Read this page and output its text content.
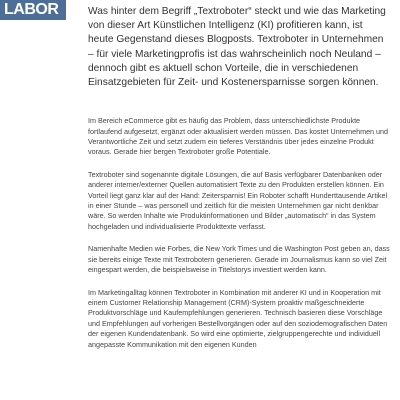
LABOR	Was hinter dem Begriff „Textroboter“ steckt und wie das Marketing von dieser Art Künstlichen Intelligenz (KI) profitieren kann, ist heute Gegenstand dieses Blogposts. Textroboter in Unternehmen – für viele Marketingprofis ist das wahrscheinlich noch Neuland – dennoch gibt es aktuell schon Vorteile, die in verschiedenen Einsatzgebieten für Zeit- und Kostenersparnisse sorgen können.

Im Bereich eCommerce gibt es häufig das Problem, dass unterschiedlichste Produkte fortlaufend aufgesetzt, ergänzt oder aktualisiert werden müssen. Das kostet Unternehmen und Verantwortliche Zeit und setzt zudem ein tieferes Verständnis über jedes einzelne Produkt voraus. Gerade hier bergen Textroboter große Potentiale.

Textroboter sind sogenannte digitale Lösungen, die auf Basis verfügbarer Datenbanken oder anderer interner/externer Quellen automatisiert Texte zu den Produkten erstellen können. Ein Vorteil liegt ganz klar auf der Hand: Zeitersparnis! Ein Roboter schafft Hunderttausende Artikel in einer Stunde – was personell und zeitlich für die meisten Unternehmen gar nicht denkbar wäre. So werden Inhalte wie Produktinformationen und Bilder „automatisch“ in das System hochgeladen und individualisierte Produkttexte verfasst.

Namenhafte Medien wie Forbes, die New York Times und die Washington Post geben an, dass sie bereits einige Texte mit Textrobotern generieren. Gerade im Journalismus kann so viel Zeit eingespart werden, die beispielsweise in Titelstorys investiert werden kann.

Im Marketingalltag können Textroboter in Kombination mit anderer KI und in Kooperation mit einem Customer Relationship Management (CRM)-System proaktiv maßgeschneiderte Produktvorschläge und Kaufempfehlungen generieren. Technisch basieren diese Vorschläge und Empfehlungen auf vorherigen Bestellvorgängen oder auf den soziodemografischen Daten der eigenen Kundendatenbank. So wird eine optimierte, zielgruppengerechte und individuell angepasste Kommunikation mit den eigenen Kunden
